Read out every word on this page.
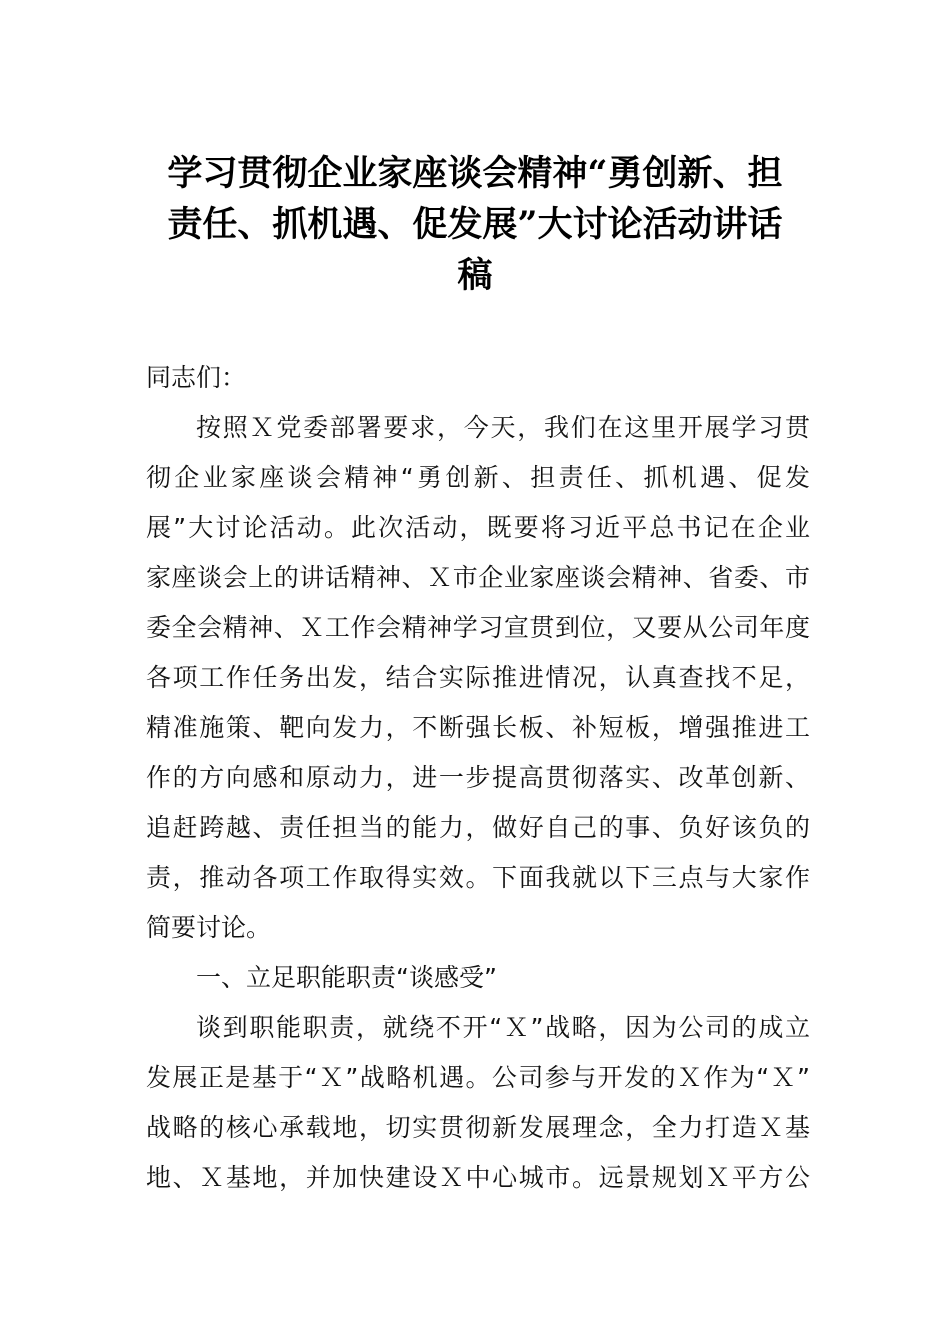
学习贯彻企业家座谈会精神“勇创新、担
责任、抓机遇、促发展”大讨论活动讲话
稿
同志们：
按照Ｘ党委部署要求，今天，我们在这里开展学习贯
彻企业家座谈会精神“勇创新、担责任、抓机遇、促发
展”大讨论活动。此次活动，既要将习近平总书记在企业
家座谈会上的讲话精神、Ｘ市企业家座谈会精神、省委、市
委全会精神、Ｘ工作会精神学习宣贯到位，又要从公司年度
各项工作任务出发，结合实际推进情况，认真查找不足，
精准施策、靶向发力，不断强长板、补短板，增强推进工
作的方向感和原动力，进一步提高贯彻落实、改革创新、
追赶跨越、责任担当的能力，做好自己的事、负好该负的
责，推动各项工作取得实效。下面我就以下三点与大家作
简要讨论。
一、立足职能职责“谈感受”
谈到职能职责，就绕不开“Ｘ”战略，因为公司的成立
发展正是基于“Ｘ”战略机遇。公司参与开发的Ｘ作为“Ｘ”
战略的核心承载地，切实贯彻新发展理念，全力打造Ｘ基
地、Ｘ基地，并加快建设Ｘ中心城市。远景规划Ｘ平方公
